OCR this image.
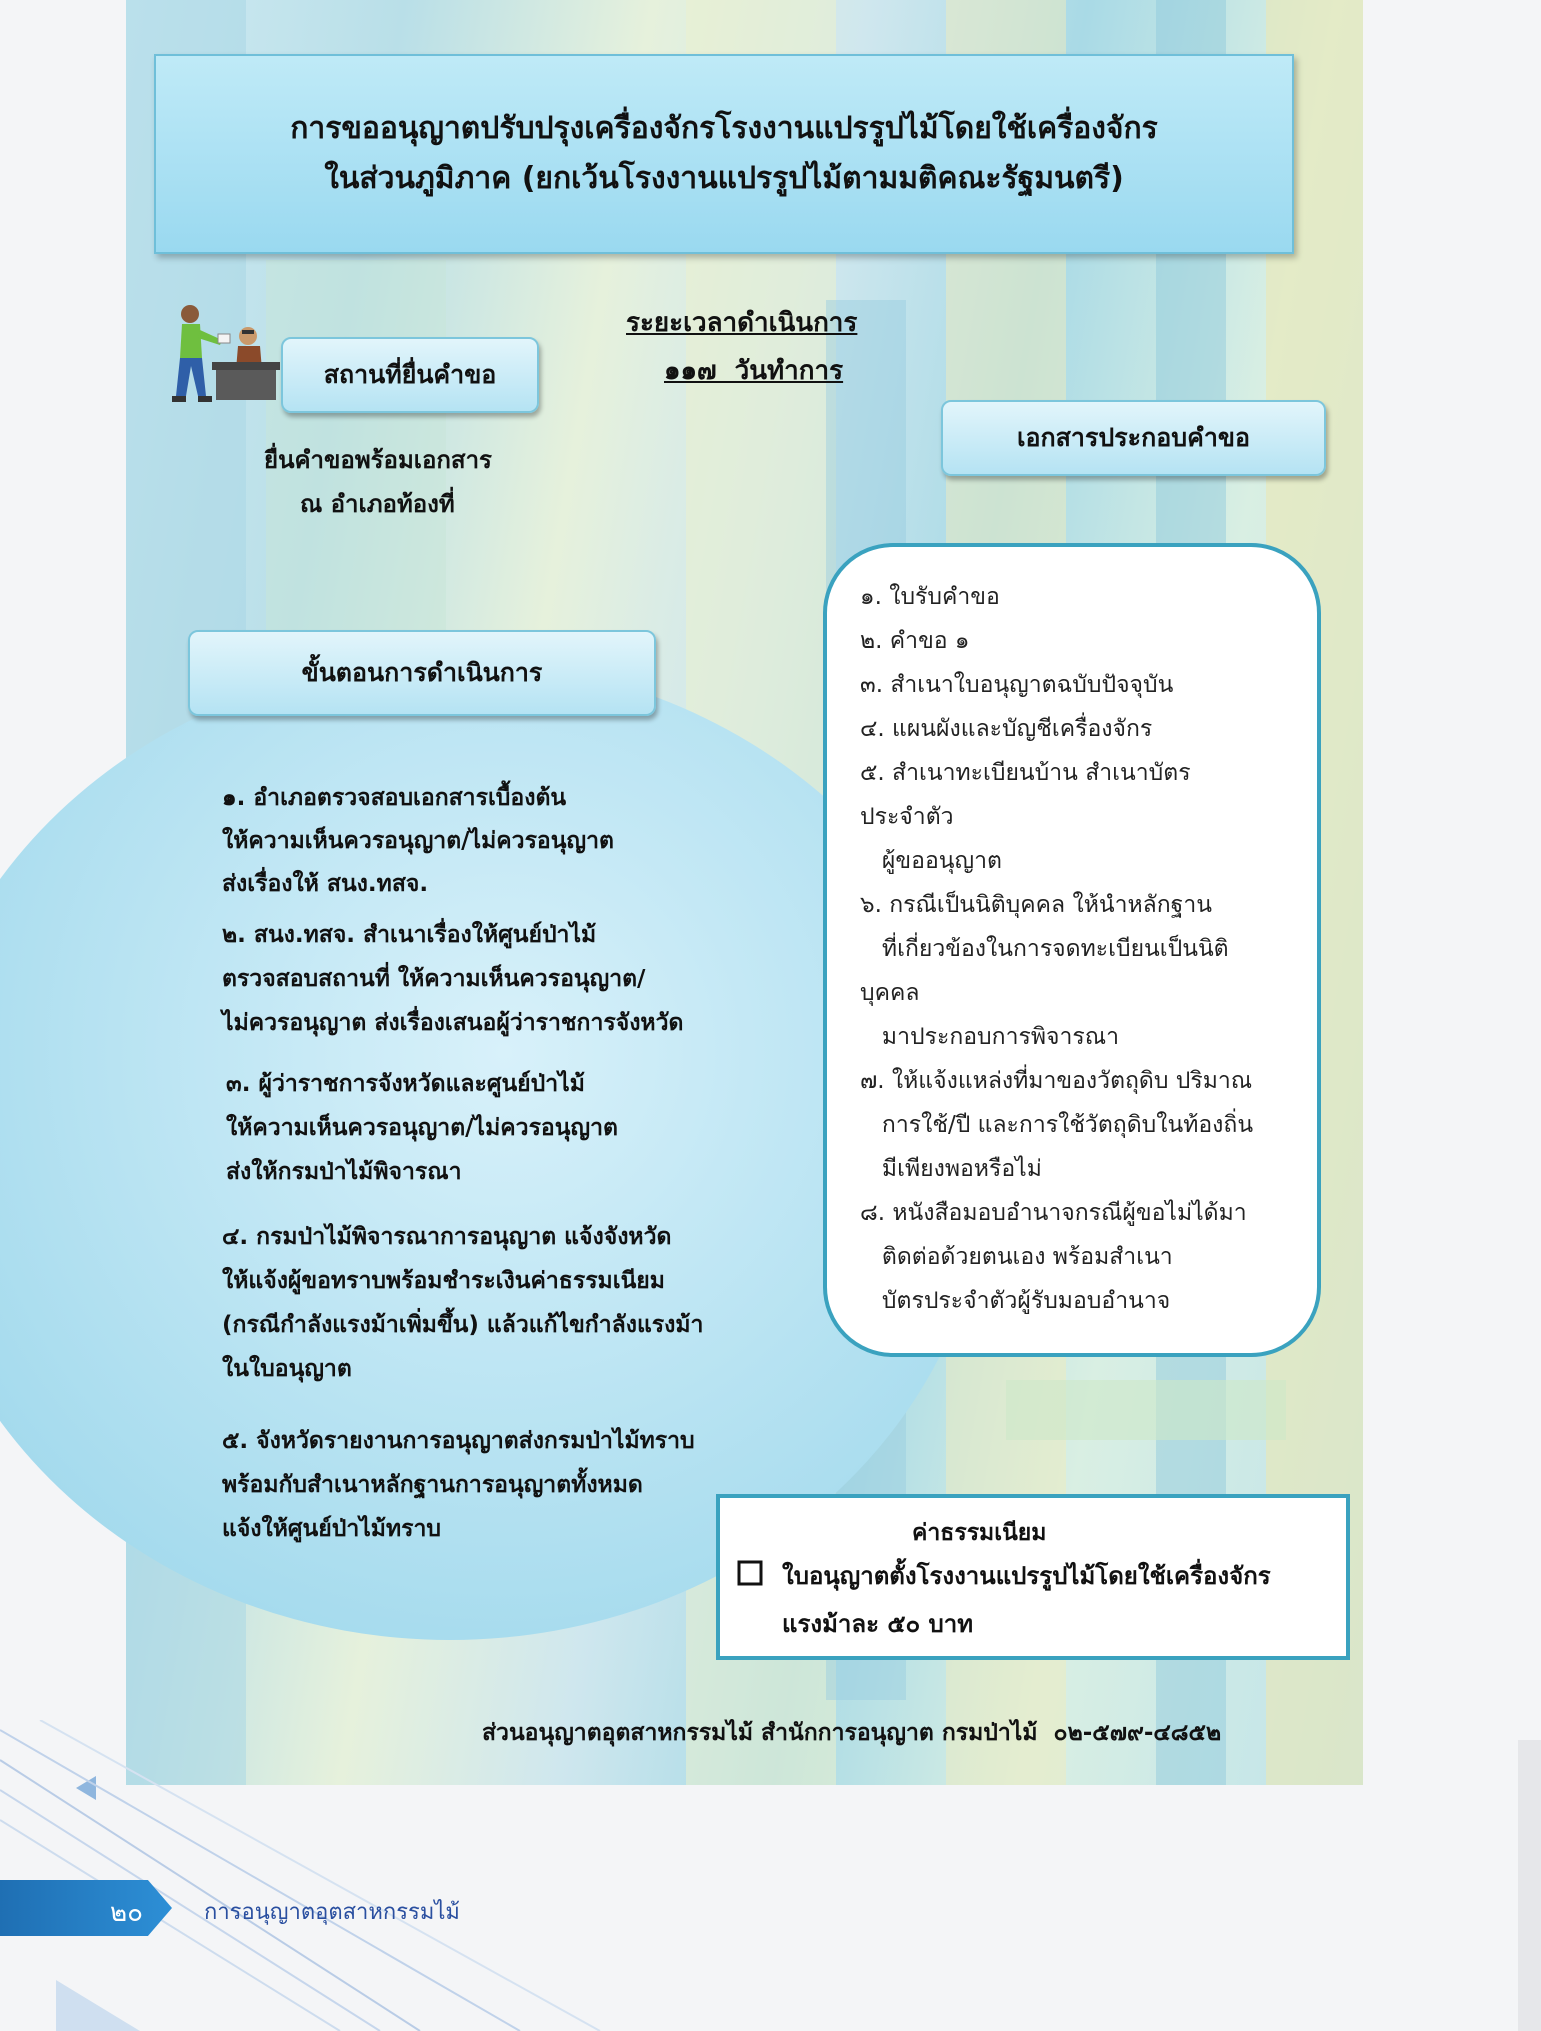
การขออนุญาตปรับปรุงเครื่องจักรโรงงานแปรรูปไม้โดยใช้เครื่องจักร
ในส่วนภูมิภาค (ยกเว้นโรงงานแปรรูปไม้ตามมติคณะรัฐมนตรี)
สถานที่ยื่นคำขอ
ยื่นคำขอพร้อมเอกสาร
ณ อำเภอท้องที่
ระยะเวลาดำเนินการ
๑๑๗  วันทำการ
เอกสารประกอบคำขอ
ขั้นตอนการดำเนินการ
๑. อำเภอตรวจสอบเอกสารเบื้องต้น
ให้ความเห็นควรอนุญาต/ไม่ควรอนุญาต
ส่งเรื่องให้ สนง.ทสจ.
๒. สนง.ทสจ. สำเนาเรื่องให้ศูนย์ป่าไม้
ตรวจสอบสถานที่ ให้ความเห็นควรอนุญาต/
ไม่ควรอนุญาต ส่งเรื่องเสนอผู้ว่าราชการจังหวัด
๓. ผู้ว่าราชการจังหวัดและศูนย์ป่าไม้
ให้ความเห็นควรอนุญาต/ไม่ควรอนุญาต
ส่งให้กรมป่าไม้พิจารณา
๔. กรมป่าไม้พิจารณาการอนุญาต แจ้งจังหวัด
ให้แจ้งผู้ขอทราบพร้อมชำระเงินค่าธรรมเนียม
(กรณีกำลังแรงม้าเพิ่มขึ้น) แล้วแก้ไขกำลังแรงม้า
ในใบอนุญาต
๕. จังหวัดรายงานการอนุญาตส่งกรมป่าไม้ทราบ
พร้อมกับสำเนาหลักฐานการอนุญาตทั้งหมด
แจ้งให้ศูนย์ป่าไม้ทราบ
๑. ใบรับคำขอ
๒. คำขอ ๑
๓. สำเนาใบอนุญาตฉบับปัจจุบัน
๔. แผนผังและบัญชีเครื่องจักร
๕. สำเนาทะเบียนบ้าน สำเนาบัตร
ประจำตัว
ผู้ขออนุญาต
๖. กรณีเป็นนิติบุคคล ให้นำหลักฐาน
ที่เกี่ยวข้องในการจดทะเบียนเป็นนิติ
บุคคล
มาประกอบการพิจารณา
๗. ให้แจ้งแหล่งที่มาของวัตถุดิบ ปริมาณ
การใช้/ปี และการใช้วัตถุดิบในท้องถิ่น
มีเพียงพอหรือไม่
๘. หนังสือมอบอำนาจกรณีผู้ขอไม่ได้มา
ติดต่อด้วยตนเอง พร้อมสำเนา
บัตรประจำตัวผู้รับมอบอำนาจ
ค่าธรรมเนียม
ใบอนุญาตตั้งโรงงานแปรรูปไม้โดยใช้เครื่องจักร
แรงม้าละ ๕๐ บาท
ส่วนอนุญาตอุตสาหกรรมไม้ สำนักการอนุญาต กรมป่าไม้  ๐๒-๕๗๙-๔๘๕๒
๒๐	การอนุญาตอุตสาหกรรมไม้
